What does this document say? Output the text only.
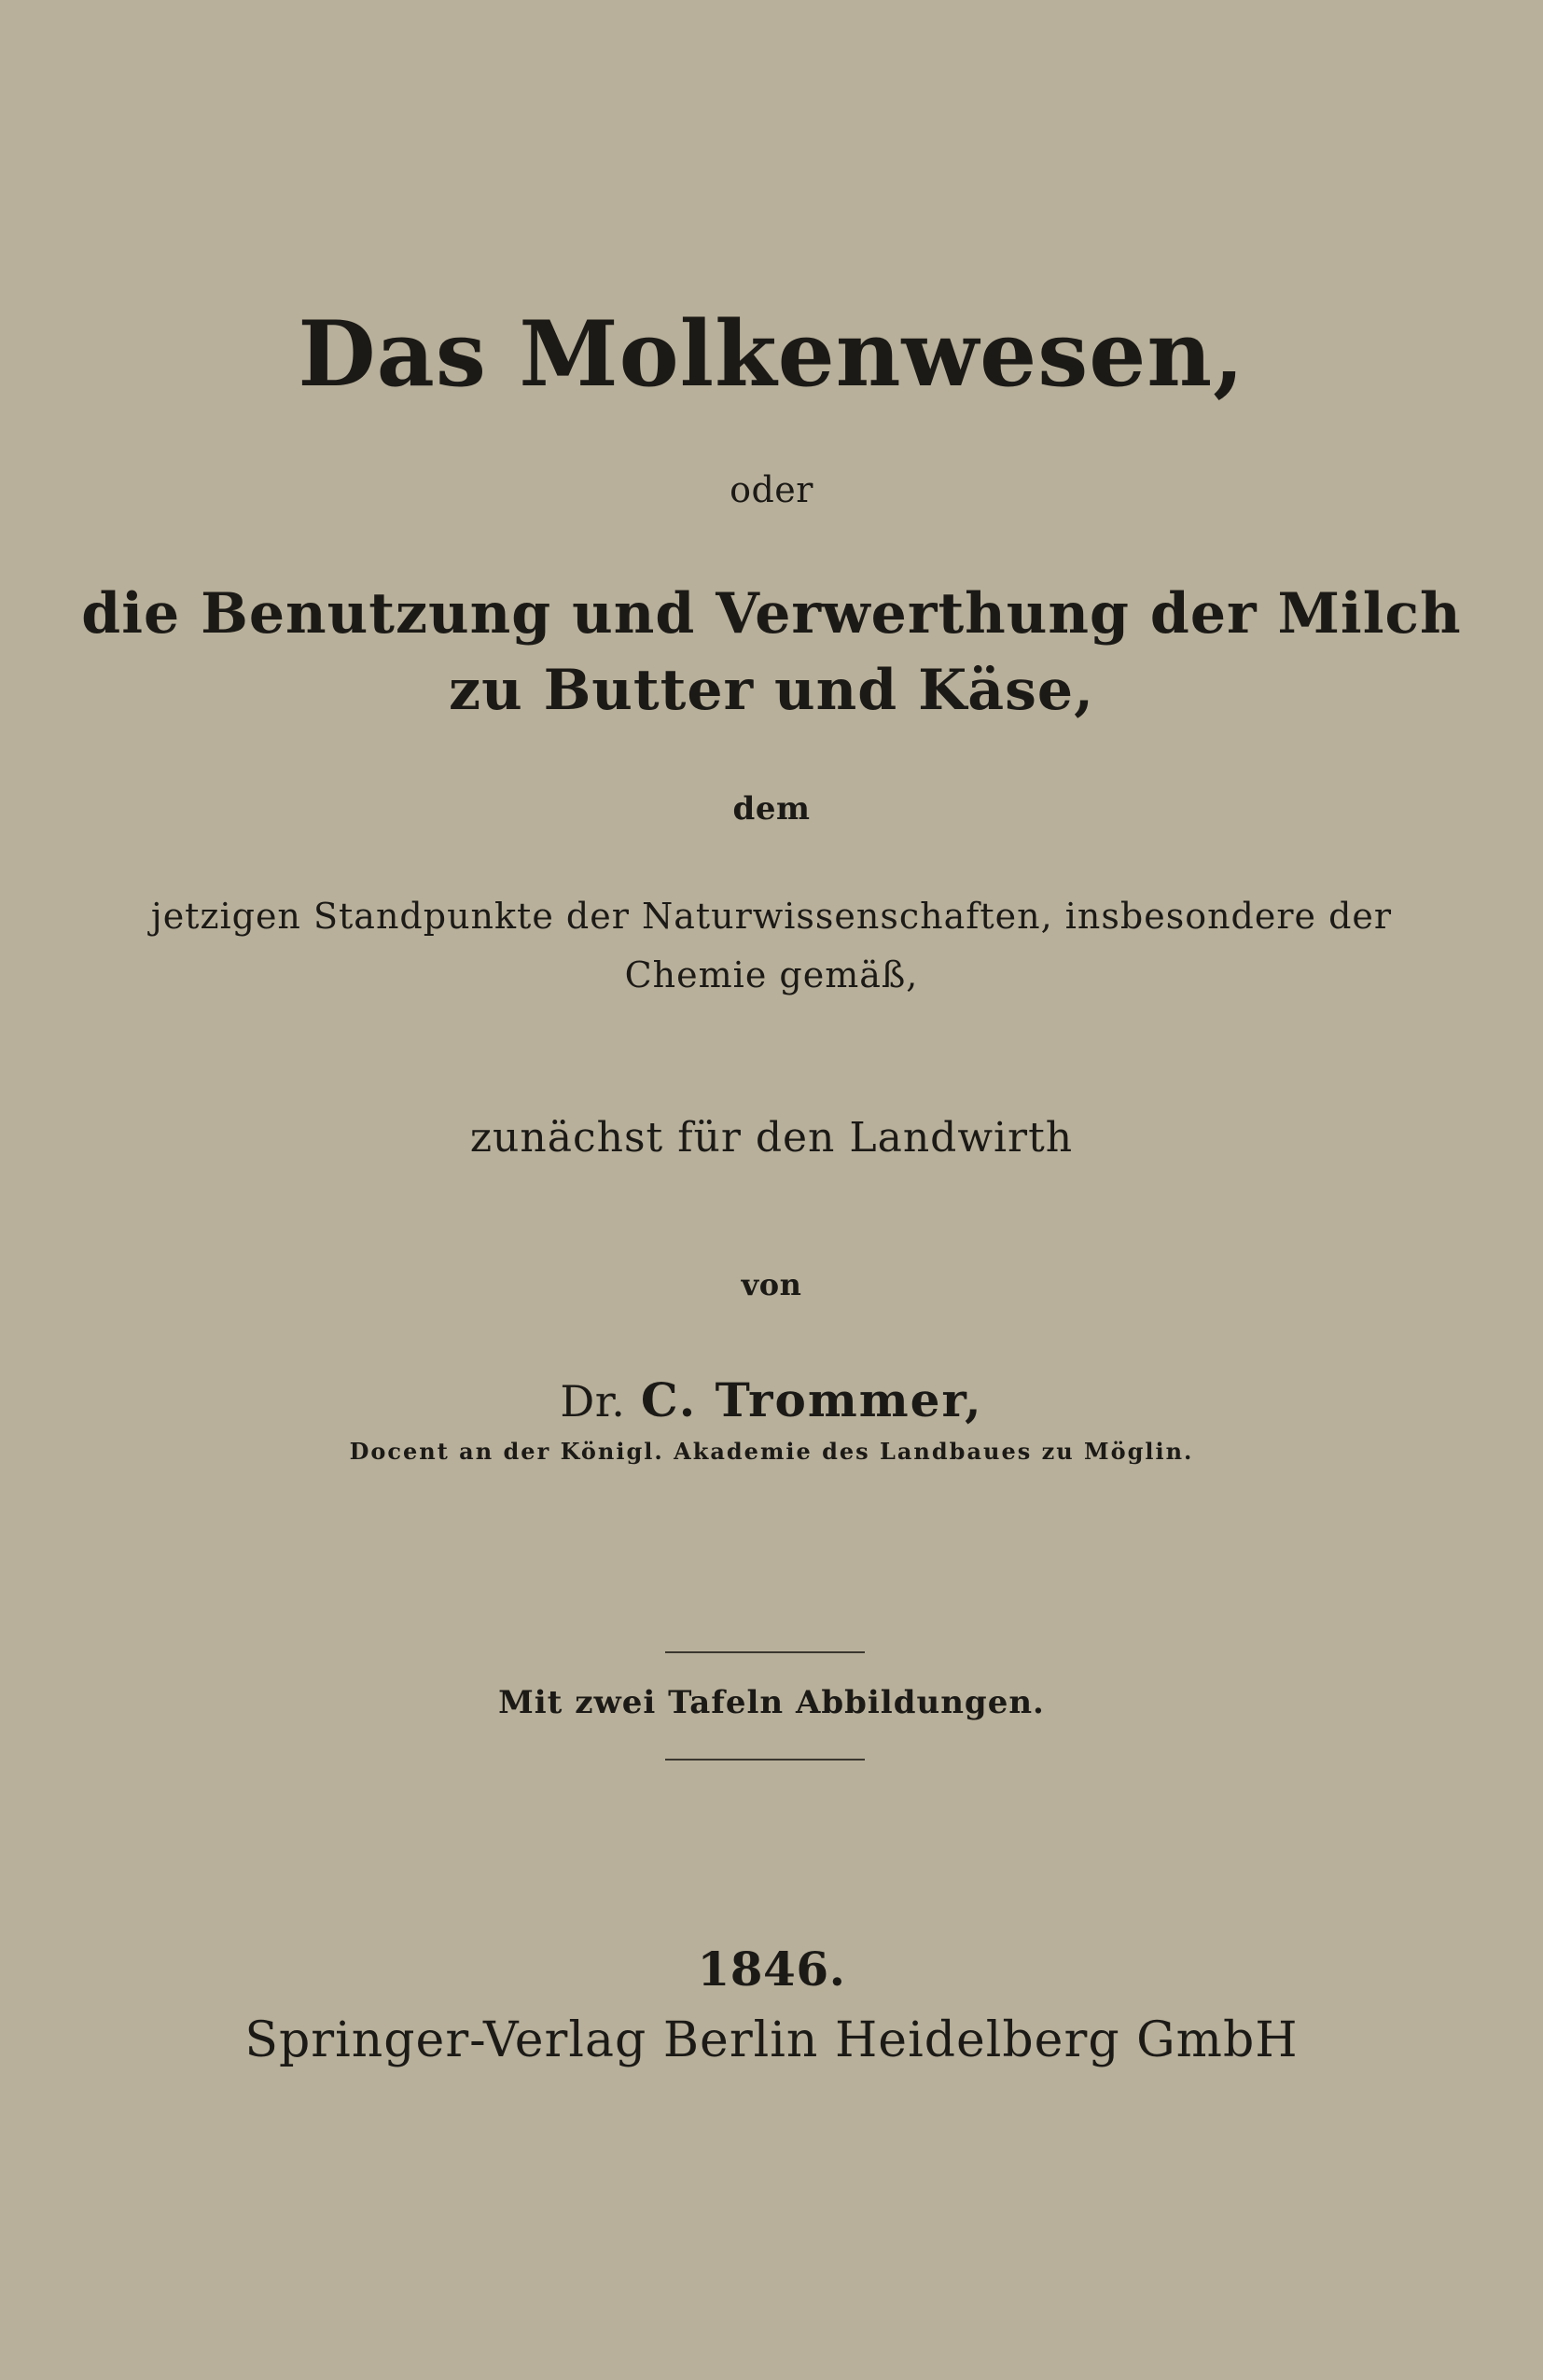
Das Molkenwesen,

oder

die Benutzung und Verwerthung der Milch

zu Butter und Käse,

dem

jetzigen Standpunkte der Naturwissenschaften, insbesondere der

Chemie gemäß,

zunächst für den Landwirth

von

Dr. C. Trommer,

Docent an der Königl. Akademie des Landbaues zu Möglin.

Mit zwei Tafeln Abbildungen.

1846.

Springer-Verlag Berlin Heidelberg GmbH
